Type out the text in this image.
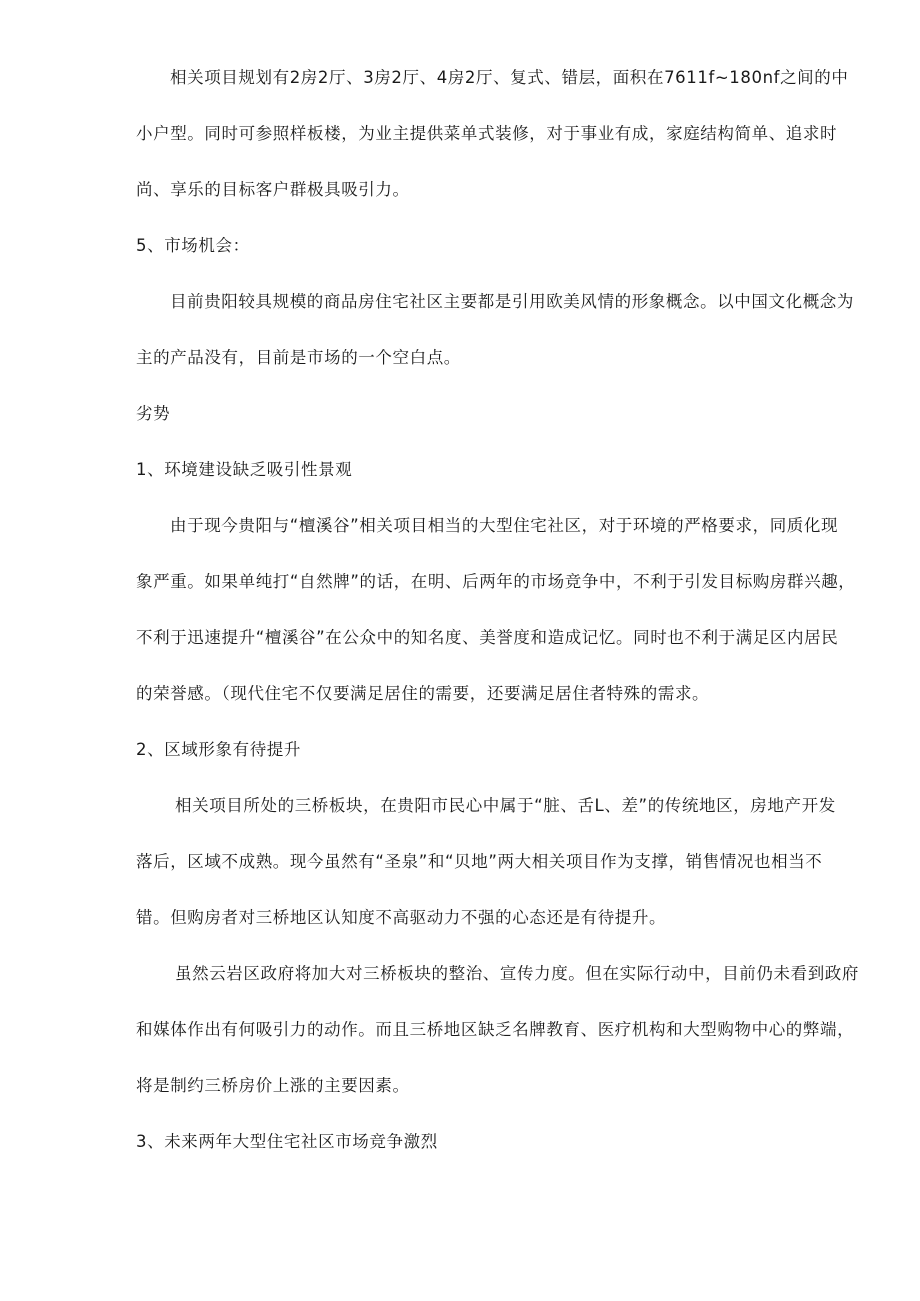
相关项目规划有2房2厅、3房2厅、4房2厅、复式、错层，面积在7611f~180nf之间的中
小户型。同时可参照样板楼，为业主提供菜单式装修，对于事业有成，家庭结构简单、追求时
尚、享乐的目标客户群极具吸引力。
5、市场机会：
目前贵阳较具规模的商品房住宅社区主要都是引用欧美风情的形象概念。以中国文化概念为
主的产品没有，目前是市场的一个空白点。
劣势
1、环境建设缺乏吸引性景观
由于现今贵阳与“檀溪谷”相关项目相当的大型住宅社区，对于环境的严格要求，同质化现
象严重。如果单纯打“自然牌”的话，在明、后两年的市场竞争中，不利于引发目标购房群兴趣，
不利于迅速提升“檀溪谷”在公众中的知名度、美誉度和造成记忆。同时也不利于满足区内居民
的荣誉感。（现代住宅不仅要满足居住的需要，还要满足居住者特殊的需求。
2、区域形象有待提升
相关项目所处的三桥板块，在贵阳市民心中属于“脏、舌L、差”的传统地区，房地产开发
落后，区域不成熟。现今虽然有“圣泉”和“贝地”两大相关项目作为支撑，销售情况也相当不
错。但购房者对三桥地区认知度不高驱动力不强的心态还是有待提升。
虽然云岩区政府将加大对三桥板块的整治、宣传力度。但在实际行动中，目前仍未看到政府
和媒体作出有何吸引力的动作。而且三桥地区缺乏名牌教育、医疗机构和大型购物中心的弊端，
将是制约三桥房价上涨的主要因素。
3、未来两年大型住宅社区市场竞争激烈
